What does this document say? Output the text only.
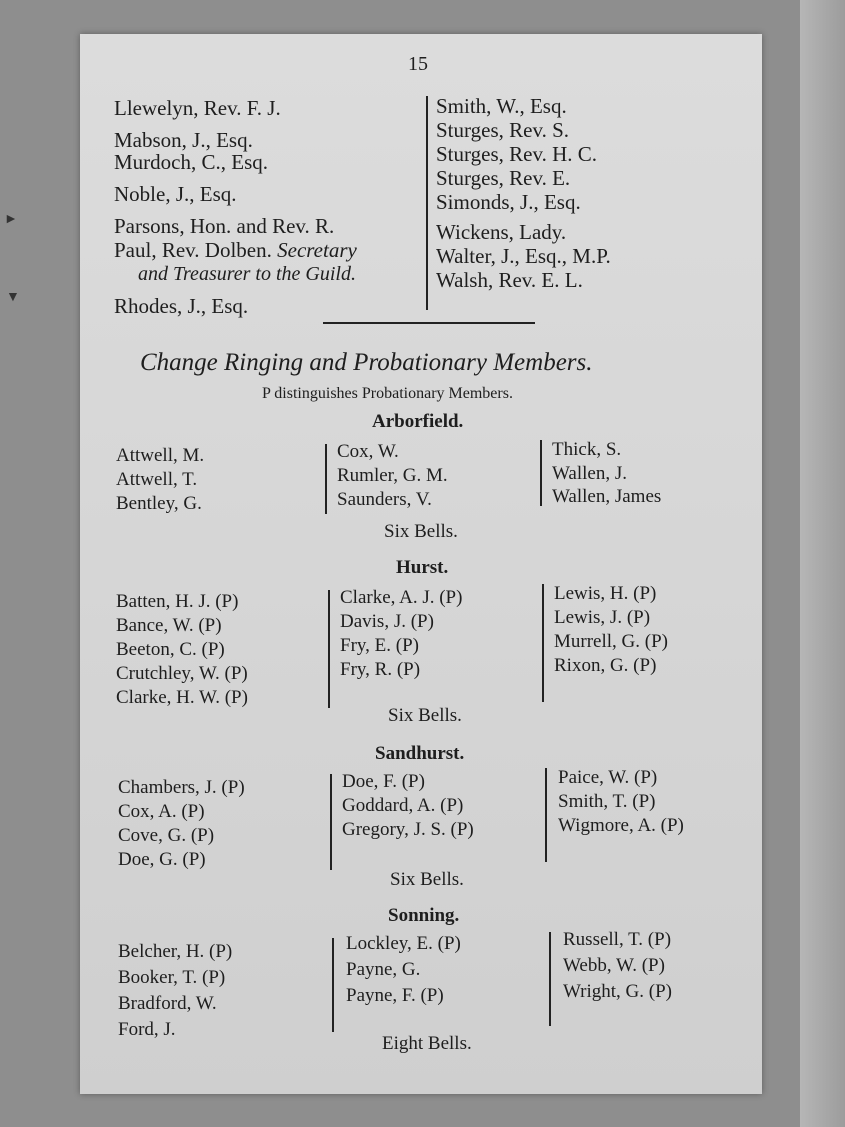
►
▼
15
Llewelyn, Rev. F. J.
Mabson, J., Esq.
Murdoch, C., Esq.
Noble, J., Esq.
Parsons, Hon. and Rev. R.
Paul, Rev. Dolben. Secretary
and Treasurer to the Guild.
Rhodes, J., Esq.
Smith, W., Esq.
Sturges, Rev. S.
Sturges, Rev. H. C.
Sturges, Rev. E.
Simonds, J., Esq.
Wickens, Lady.
Walter, J., Esq., M.P.
Walsh, Rev. E. L.
Change Ringing and Probationary Members.
P distinguishes Probationary Members.
Arborfield.
Attwell, M.
Attwell, T.
Bentley, G.
Cox, W.
Rumler, G. M.
Saunders, V.
Thick, S.
Wallen, J.
Wallen, James
Six Bells.
Hurst.
Batten, H. J. (P)
Bance, W. (P)
Beeton, C. (P)
Crutchley, W. (P)
Clarke, H. W. (P)
Clarke, A. J. (P)
Davis, J. (P)
Fry, E. (P)
Fry, R. (P)
Lewis, H. (P)
Lewis, J. (P)
Murrell, G. (P)
Rixon, G. (P)
Six Bells.
Sandhurst.
Chambers, J. (P)
Cox, A. (P)
Cove, G. (P)
Doe, G. (P)
Doe, F. (P)
Goddard, A. (P)
Gregory, J. S. (P)
Paice, W. (P)
Smith, T. (P)
Wigmore, A. (P)
Six Bells.
Sonning.
Belcher, H. (P)
Booker, T. (P)
Bradford, W.
Ford, J.
Lockley, E. (P)
Payne, G.
Payne, F. (P)
Russell, T. (P)
Webb, W. (P)
Wright, G. (P)
Eight Bells.
